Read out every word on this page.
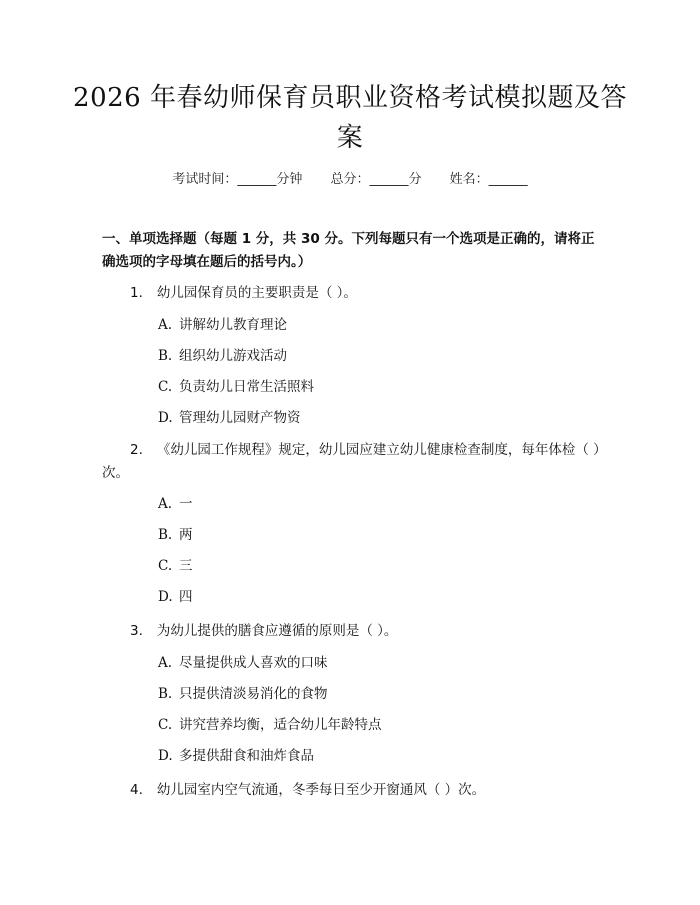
2026 年春幼师保育员职业资格考试模拟题及答案
考试时间：______分钟 总分：______分 姓名：______
一、单项选择题（每题 1 分，共 30 分。下列每题只有一个选项是正确的，请将正确选项的字母填在题后的括号内。）
1. 幼儿园保育员的主要职责是（ ）。
A. 讲解幼儿教育理论
B. 组织幼儿游戏活动
C. 负责幼儿日常生活照料
D. 管理幼儿园财产物资
2. 《幼儿园工作规程》规定，幼儿园应建立幼儿健康检查制度，每年体检（ ）次。
A. 一
B. 两
C. 三
D. 四
3. 为幼儿提供的膳食应遵循的原则是（ ）。
A. 尽量提供成人喜欢的口味
B. 只提供清淡易消化的食物
C. 讲究营养均衡，适合幼儿年龄特点
D. 多提供甜食和油炸食品
4. 幼儿园室内空气流通，冬季每日至少开窗通风（ ）次。
